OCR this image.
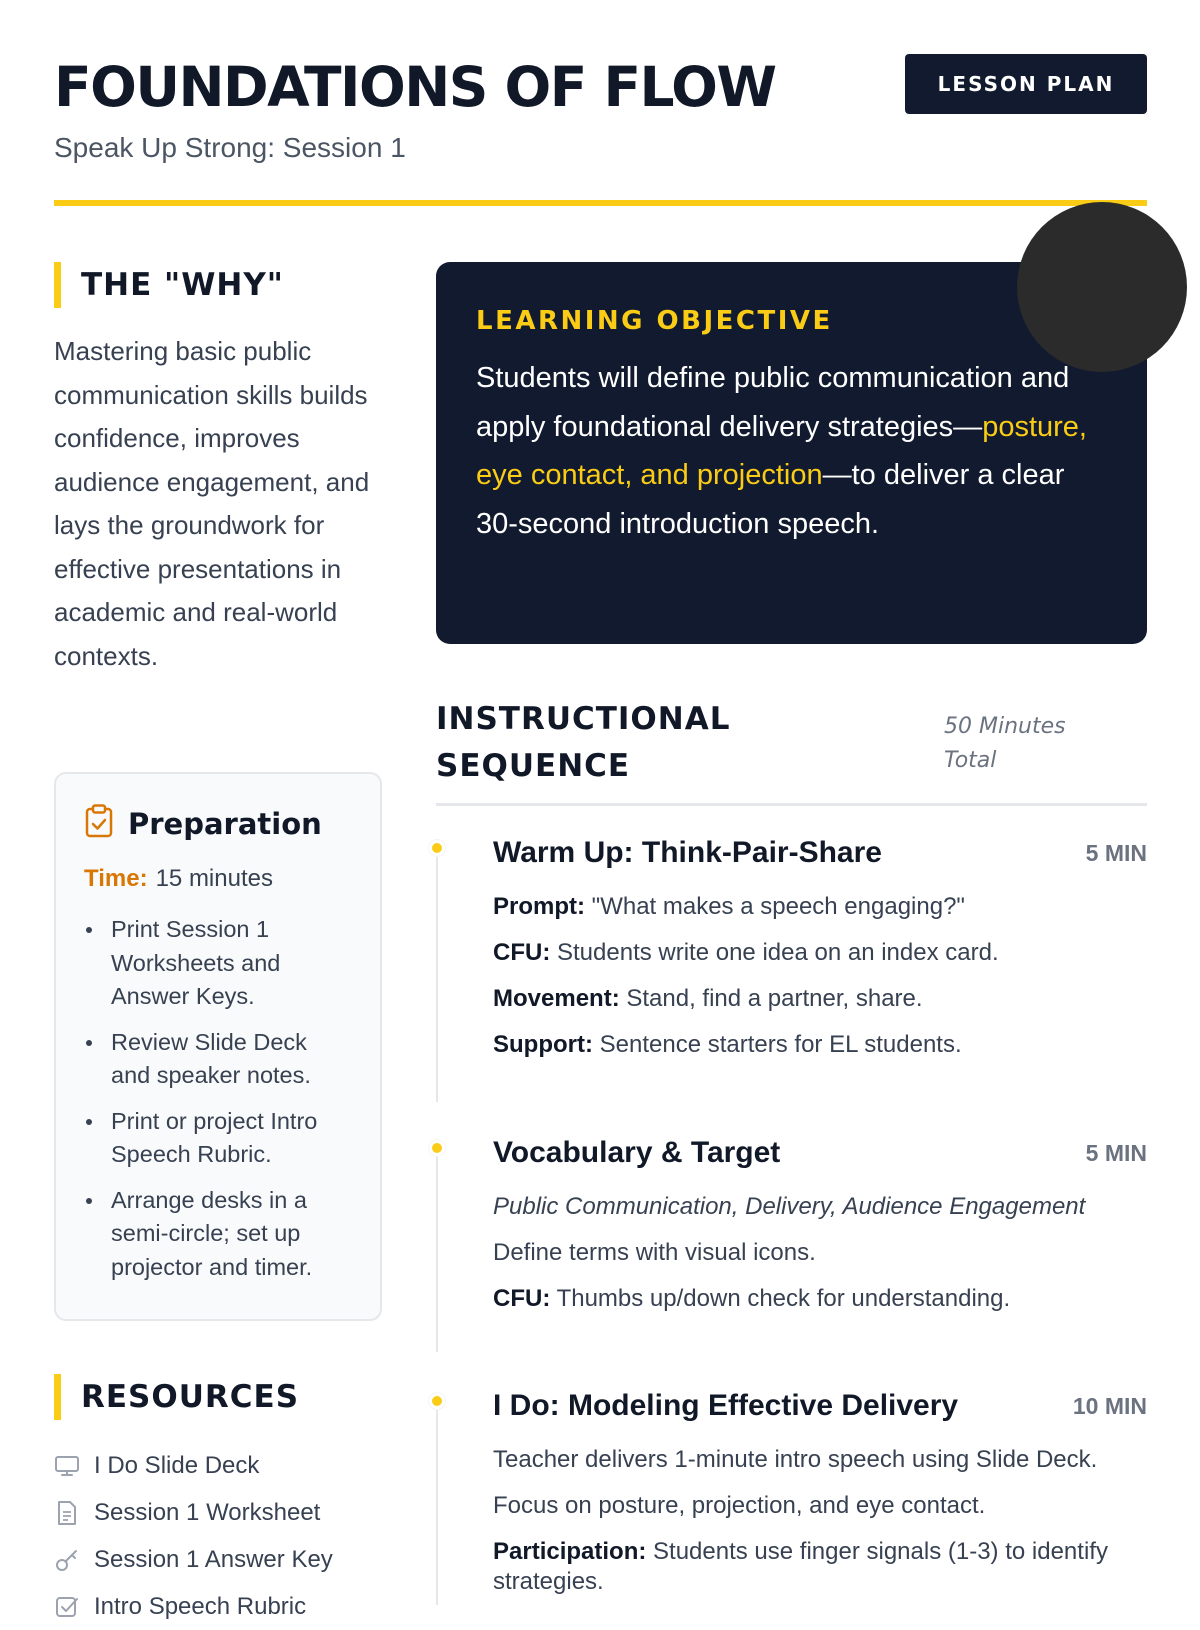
FOUNDATIONS OF FLOW
Speak Up Strong: Session 1
LESSON PLAN
THE "WHY"
Mastering basic public communication skills builds confidence, improves audience engagement, and lays the groundwork for effective presentations in academic and real-world contexts.
Preparation
Time: 15 minutes
Print Session 1 Worksheets and Answer Keys.
Review Slide Deck and speaker notes.
Print or project Intro Speech Rubric.
Arrange desks in a semi-circle; set up projector and timer.
RESOURCES
I Do Slide Deck
Session 1 Worksheet
Session 1 Answer Key
Intro Speech Rubric
LEARNING OBJECTIVE
Students will define public communication and apply foundational delivery strategies—posture, eye contact, and projection—to deliver a clear 30-second introduction speech.
INSTRUCTIONAL SEQUENCE
50 Minutes Total
Warm Up: Think-Pair-Share	5 MIN

Prompt: "What makes a speech engaging?"

CFU: Students write one idea on an index card.

Movement: Stand, find a partner, share.

Support: Sentence starters for EL students.

Vocabulary & Target	5 MIN

Public Communication, Delivery, Audience Engagement

Define terms with visual icons.

CFU: Thumbs up/down check for understanding.

I Do: Modeling Effective Delivery	10 MIN

Teacher delivers 1-minute intro speech using Slide Deck.

Focus on posture, projection, and eye contact.

Participation: Students use finger signals (1-3) to identify strategies.
